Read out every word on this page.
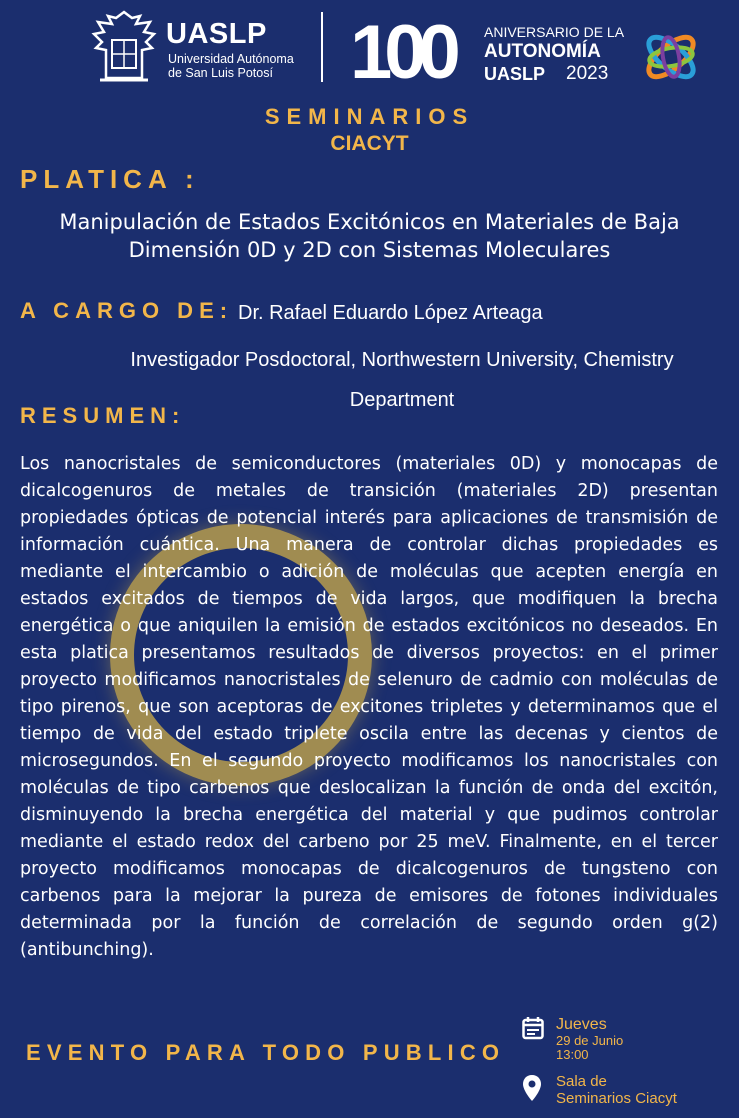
UASLP
Universidad Autónoma
de San Luis Potosí 100	ANIVERSARIO DE LA
AUTONOMÍA
UASLP 2023
SEMINARIOS
CIACYT
PLATICA :
Manipulación de Estados Excitónicos en Materiales de Baja
Dimensión 0D y 2D con Sistemas Moleculares
A CARGO DE: Dr. Rafael Eduardo López Arteaga
Investigador Posdoctoral, Northwestern University, Chemistry
Department
RESUMEN:
Los nanocristales de semiconductores (materiales 0D) y monocapas de dicalcogenuros de metales de transición (materiales 2D) presentan propiedades ópticas de potencial interés para aplicaciones de transmisión de información cuántica. Una manera de controlar dichas propiedades es mediante el intercambio o adición de moléculas que acepten energía en estados excitados de tiempos de vida largos, que modifiquen la brecha energética o que aniquilen la emisión de estados excitónicos no deseados. En esta platica presentamos resultados de diversos proyectos: en el primer proyecto modificamos nanocristales de selenuro de cadmio con moléculas de tipo pirenos, que son aceptoras de excitones tripletes y determinamos que el tiempo de vida del estado triplete oscila entre las decenas y cientos de microsegundos. En el segundo proyecto modificamos los nanocristales con moléculas de tipo carbenos que deslocalizan la función de onda del excitón, disminuyendo la brecha energética del material y que pudimos controlar mediante el estado redox del carbeno por 25 meV. Finalmente, en el tercer proyecto modificamos monocapas de dicalcogenuros de tungsteno con carbenos para la mejorar la pureza de emisores de fotones individuales determinada por la función de correlación de segundo orden g(2) (antibunching).
EVENTO PARA TODO PUBLICO
Jueves
29 de Junio
13:00
Sala de
Seminarios Ciacyt
